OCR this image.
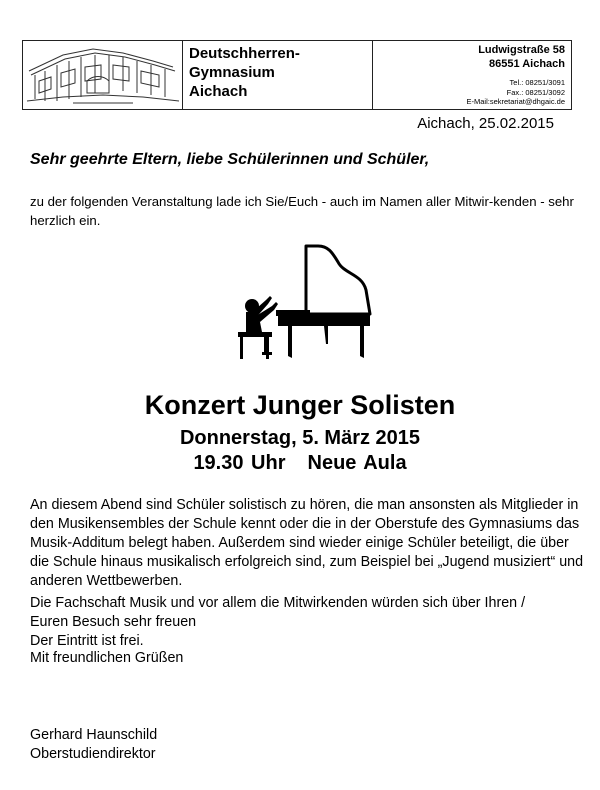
Deutschherren-
Gymnasium
Aichach
Ludwigstraße 58
86551 Aichach
Tel.: 08251/3091
Fax.: 08251/3092
E-Mail:sekretariat@dhgaic.de
Aichach, 25.02.2015
Sehr geehrte Eltern, liebe Schülerinnen und Schüler,
zu der folgenden Veranstaltung lade ich Sie/Euch - auch im Namen aller Mitwir-kenden - sehr herzlich ein.
Konzert Junger Solisten
Donnerstag, 5. März 2015
19.30 Uhr Neue Aula

An diesem Abend sind Schüler solistisch zu hören, die man ansonsten als Mitglieder in den Musikensembles der Schule kennt oder die in der Oberstufe des Gymnasiums das Musik-Additum belegt haben. Außerdem sind wieder einige Schüler beteiligt, die über die Schule hinaus musikalisch erfolgreich sind, zum Beispiel bei „Jugend musiziert“ und anderen Wettbewerben.

Die Fachschaft Musik und vor allem die Mitwirkenden würden sich über Ihren /
Euren Besuch sehr freuen
Der Eintritt ist frei.

Mit freundlichen Grüßen
Gerhard Haunschild
Oberstudiendirektor
